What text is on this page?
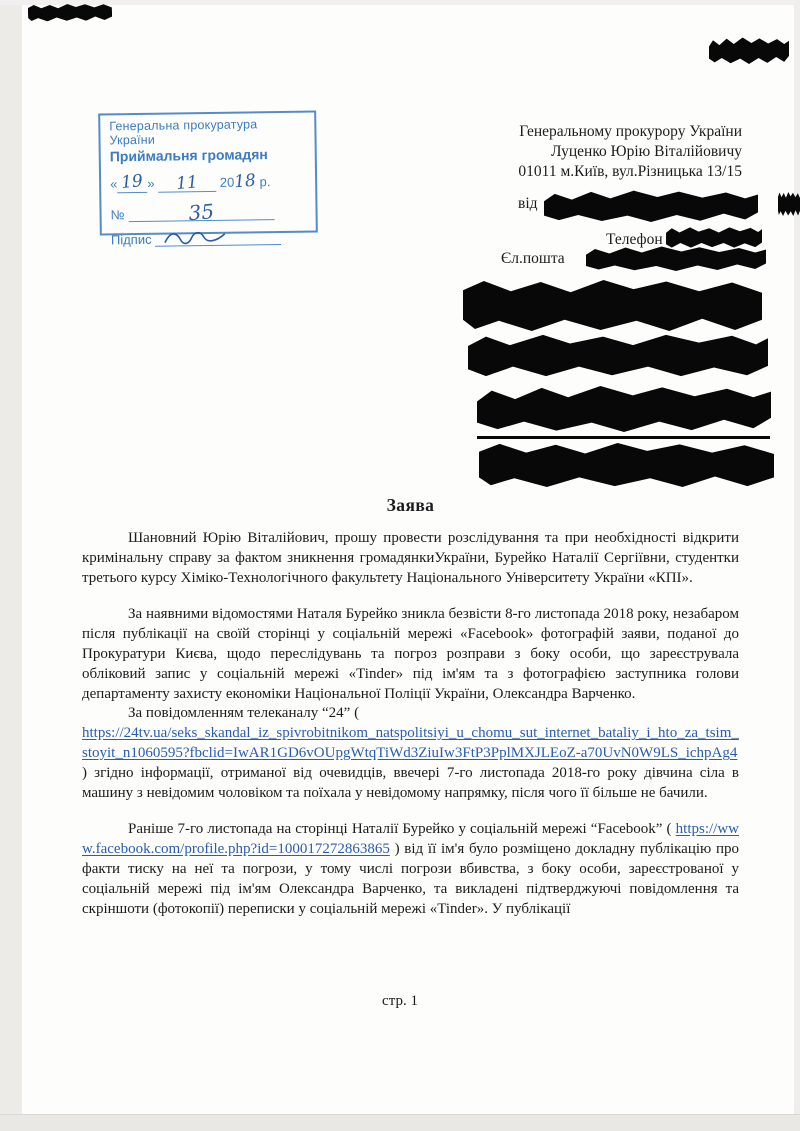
Генеральна прокуратура України
Приймальня громадян
« 19 » 11 2018 р.
№	35
Підпис
Генеральному прокурору України
Луценко Юрію Віталійовичу
01011 м.Київ, вул.Різницька 13/15
від
Телефон
Єл.пошта
Заява

Шановний Юрію Віталійович, прошу провести розслідування та при необхідності відкрити кримінальну справу за фактом зникнення громадянкиУкраїни, Бурейко Наталії Сергіївни, студентки третього курсу Хіміко-Технологічного факультету Національного Університету України «КПІ».

За наявними відомостями Наталя Бурейко зникла безвісти 8-го листопада 2018 року, незабаром після публікації на своїй сторінці у соціальній мережі «Facebook» фотографій заяви, поданої до Прокуратури Києва, щодо переслідувань та погроз розправи з боку особи, що зареєструвала обліковий запис у соціальній мережі «Tinder» під ім'ям та з фотографією заступника голови департаменту захисту економіки Національної Поліції України, Олександра Варченко.

За повідомленням телеканалу “24” (
https://24tv.ua/seks_skandal_iz_spivrobitnikom_natspolitsiyi_u_chomu_sut_internet_bataliy_i_hto_za_tsim_stoyit_n1060595?fbclid=IwAR1GD6vOUpgWtqTiWd3ZiuIw3FtP3PplMXJLEoZ-a70UvN0W9LS_ichpAg4 ) згідно інформації, отриманої від очевидців, ввечері 7-го листопада 2018-го року дівчина сіла в машину з невідомим чоловіком та поїхала у невідомому напрямку, після чого її більше не бачили.

Раніше 7-го листопада на сторінці Наталії Бурейко у соціальній мережі “Facebook” ( https://www.facebook.com/profile.php?id=100017272863865 ) від її ім'я було розміщено докладну публікацію про факти тиску на неї та погрози, у тому числі погрози вбивства, з боку особи, зареєстрованої у соціальній мережі під ім'ям Олександра Варченко, та викладені підтверджуючі повідомлення та скріншоти (фотокопії) переписки у соціальній мережі «Tinder». У публікації

стр. 1
